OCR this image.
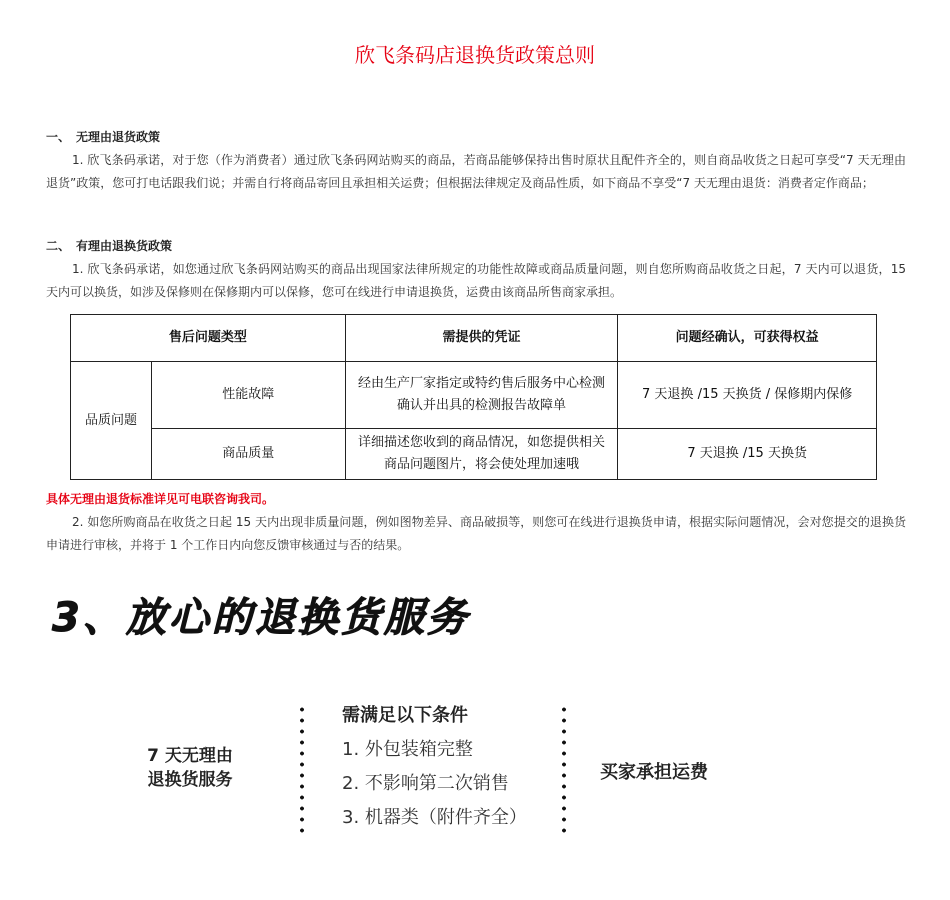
欣飞条码店退换货政策总则
一、 无理由退货政策
1. 欣飞条码承诺，对于您（作为消费者）通过欣飞条码网站购买的商品，若商品能够保持出售时原状且配件齐全的，则自商品收货之日起可享受“7 天无理由退货”政策，您可打电话跟我们说；并需自行将商品寄回且承担相关运费；但根据法律规定及商品性质，如下商品不享受“7 天无理由退货：消费者定作商品；
二、 有理由退换货政策
1. 欣飞条码承诺，如您通过欣飞条码网站购买的商品出现国家法律所规定的功能性故障或商品质量问题，则自您所购商品收货之日起，7 天内可以退货，15 天内可以换货，如涉及保修则在保修期内可以保修，您可在线进行申请退换货，运费由该商品所售商家承担。
售后问题类型		需提供的凭证	问题经确认，可获得权益
品质问题	性能故障	经由生产厂家指定或特约售后服务中心检测确认并出具的检测报告故障单	7 天退换 /15 天换货 / 保修期内保修
	商品质量	详细描述您收到的商品情况，如您提供相关商品问题图片，将会使处理加速哦	7 天退换 /15 天换货
具体无理由退货标准详见可电联咨询我司。
2. 如您所购商品在收货之日起 15 天内出现非质量问题，例如图物差异、商品破损等，则您可在线进行退换货申请，根据实际问题情况，会对您提交的退换货申请进行审核，并将于 1 个工作日内向您反馈审核通过与否的结果。
3、放心的退换货服务
7 天无理由
退换货服务
需满足以下条件
1. 外包装箱完整
2. 不影响第二次销售
3. 机器类（附件齐全）
买家承担运费
